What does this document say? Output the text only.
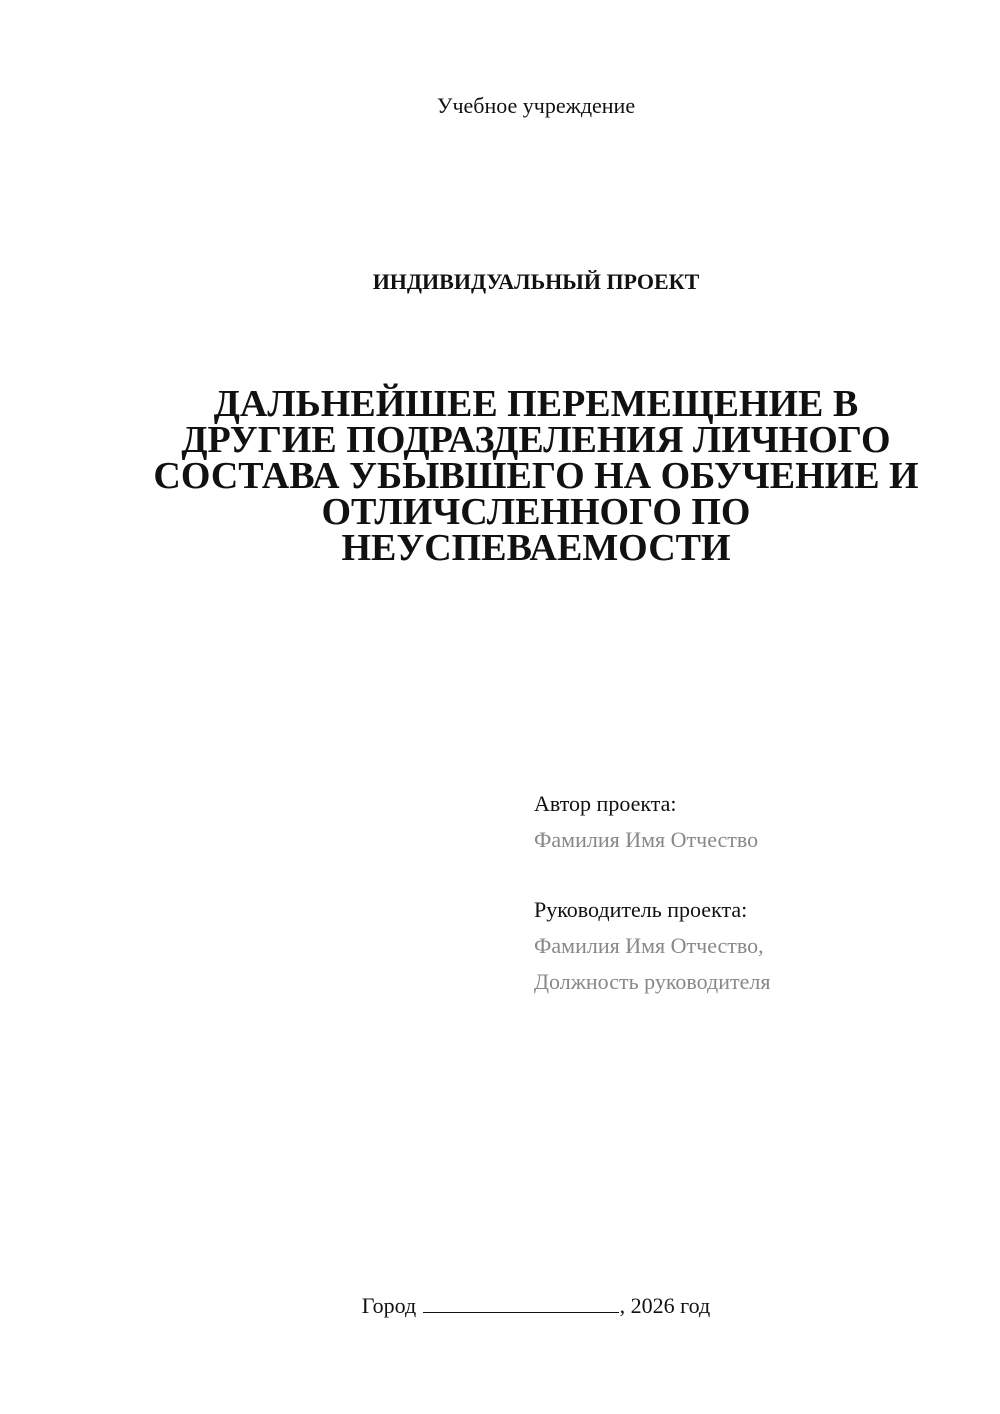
Учебное учреждение
ИНДИВИДУАЛЬНЫЙ ПРОЕКТ
ДАЛЬНЕЙШЕЕ ПЕРЕМЕЩЕНИЕ В
ДРУГИЕ ПОДРАЗДЕЛЕНИЯ ЛИЧНОГО
СОСТАВА УБЫВШЕГО НА ОБУЧЕНИЕ И
ОТЛИЧСЛЕННОГО ПО
НЕУСПЕВАЕМОСТИ
Автор проекта:
Фамилия Имя Отчество
Руководитель проекта:
Фамилия Имя Отчество,
Должность руководителя
Город	, 2026 год
